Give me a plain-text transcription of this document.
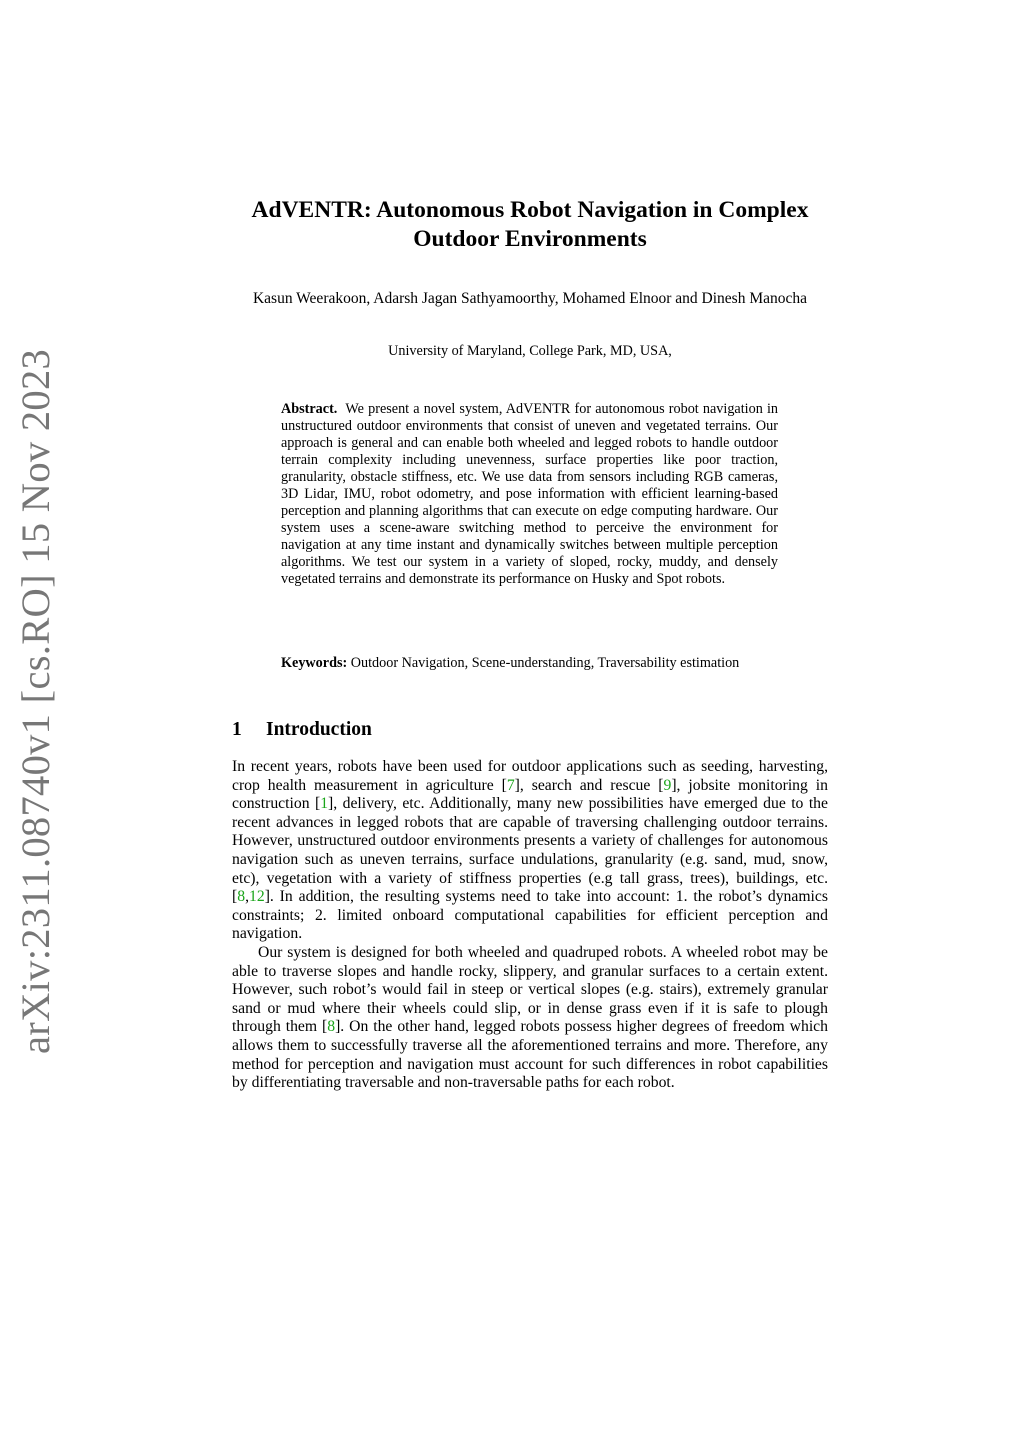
arXiv:2311.08740v1 [cs.RO] 15 Nov 2023
AdVENTR: Autonomous Robot Navigation in Complex Outdoor Environments
Kasun Weerakoon, Adarsh Jagan Sathyamoorthy, Mohamed Elnoor and Dinesh Manocha
University of Maryland, College Park, MD, USA,
Abstract. We present a novel system, AdVENTR for autonomous robot navigation in unstructured outdoor environments that consist of uneven and vegetated terrains. Our approach is general and can enable both wheeled and legged robots to handle outdoor terrain complexity including unevenness, surface properties like poor traction, granularity, obstacle stiffness, etc. We use data from sensors including RGB cameras, 3D Lidar, IMU, robot odometry, and pose information with efficient learning-based perception and planning algorithms that can execute on edge computing hardware. Our system uses a scene-aware switching method to perceive the environment for navigation at any time instant and dynamically switches between multiple perception algorithms. We test our system in a variety of sloped, rocky, muddy, and densely vegetated terrains and demonstrate its performance on Husky and Spot robots.
Keywords: Outdoor Navigation, Scene-understanding, Traversability estimation
1 Introduction

In recent years, robots have been used for outdoor applications such as seeding, harvesting, crop health measurement in agriculture [7], search and rescue [9], jobsite monitoring in construction [1], delivery, etc. Additionally, many new possibilities have emerged due to the recent advances in legged robots that are capable of traversing challenging outdoor terrains. However, unstructured outdoor environments presents a variety of challenges for autonomous navigation such as uneven terrains, surface undulations, granularity (e.g. sand, mud, snow, etc), vegetation with a variety of stiffness properties (e.g tall grass, trees), buildings, etc. [8,12]. In addition, the resulting systems need to take into account: 1. the robot’s dynamics constraints; 2. limited onboard computational capabilities for efficient perception and navigation.

Our system is designed for both wheeled and quadruped robots. A wheeled robot may be able to traverse slopes and handle rocky, slippery, and granular surfaces to a certain extent. However, such robot’s would fail in steep or vertical slopes (e.g. stairs), extremely granular sand or mud where their wheels could slip, or in dense grass even if it is safe to plough through them [8]. On the other hand, legged robots possess higher degrees of freedom which allows them to successfully traverse all the aforementioned terrains and more. Therefore, any method for perception and navigation must account for such differences in robot capabilities by differentiating traversable and non-traversable paths for each robot.
